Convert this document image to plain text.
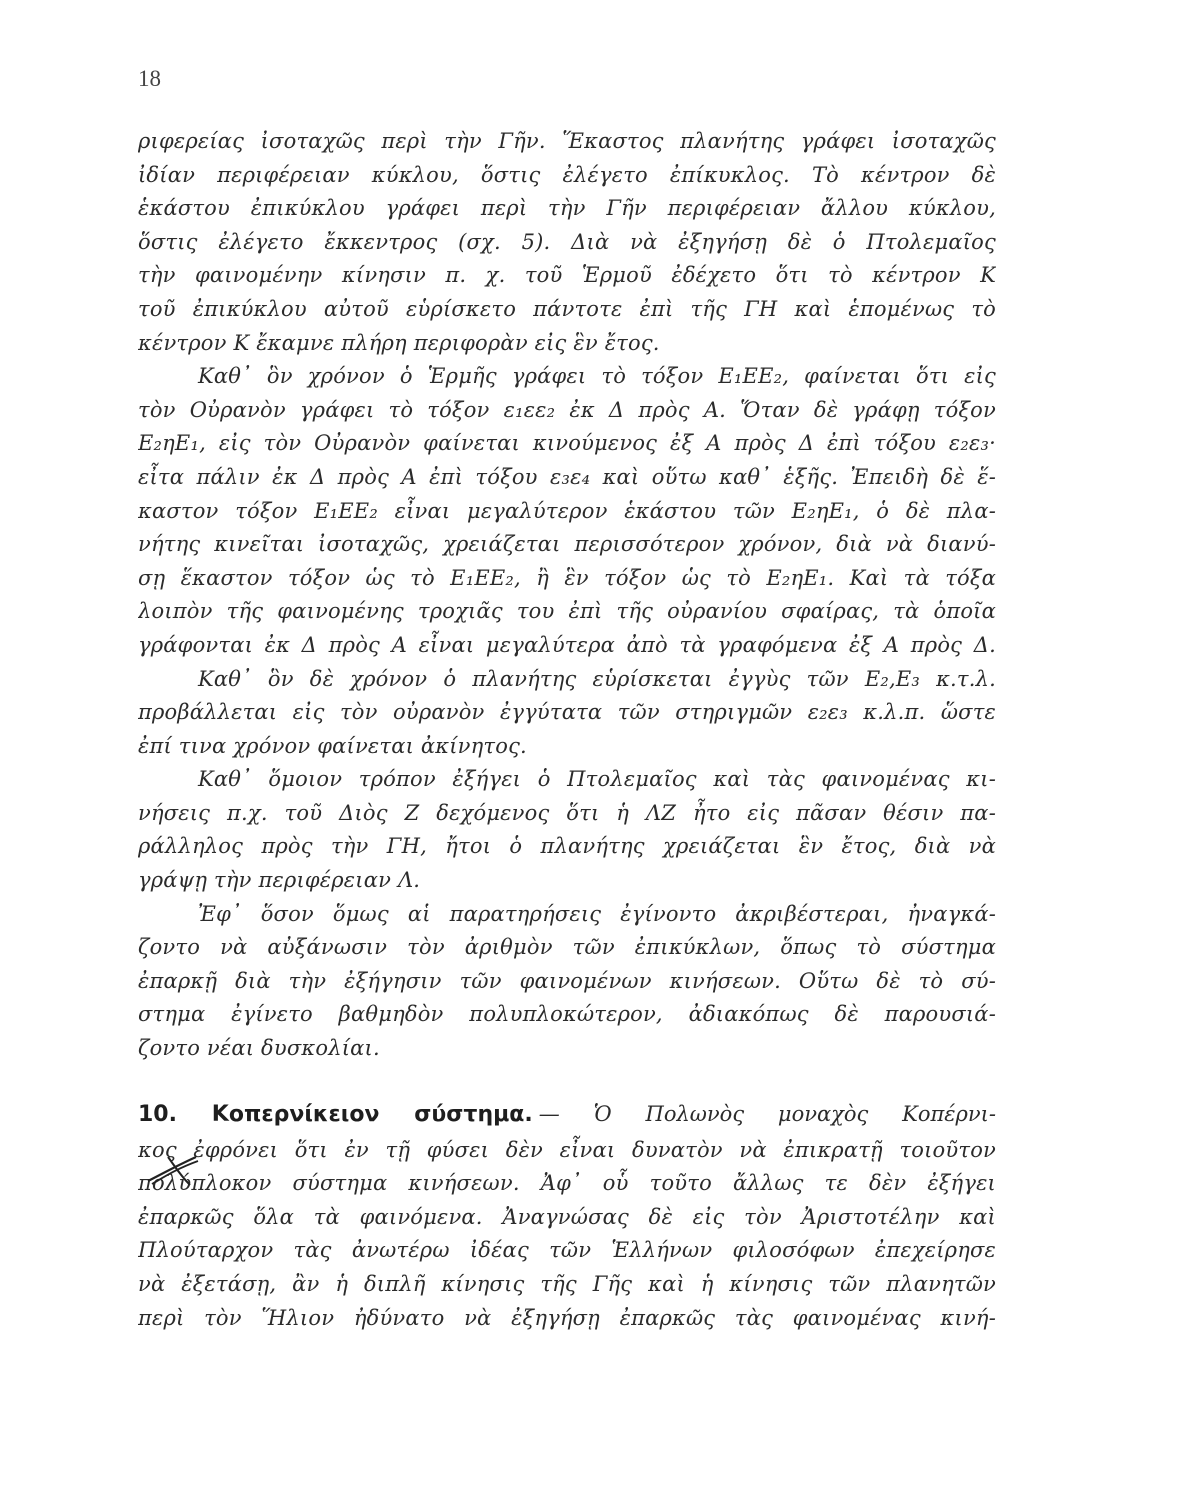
18
ριφερείας ἰσοταχῶς περὶ τὴν Γῆν. Ἕκαστος πλανήτης γράφει ἰσοταχῶς
ἰδίαν περιφέρειαν κύκλου, ὅστις ἐλέγετο ἐπίκυκλος. Τὸ κέντρον δὲ
ἑκάστου ἐπικύκλου γράφει περὶ τὴν Γῆν περιφέρειαν ἄλλου κύκλου,
ὅστις ἐλέγετο ἔκκεντρος (σχ. 5). Διὰ νὰ ἐξηγήσῃ δὲ ὁ Πτολεμαῖος
τὴν φαινομένην κίνησιν π. χ. τοῦ Ἑρμοῦ ἐδέχετο ὅτι τὸ κέντρον Κ
τοῦ ἐπικύκλου αὐτοῦ εὑρίσκετο πάντοτε ἐπὶ τῆς ΓΗ καὶ ἑπομένως τὸ
κέντρον Κ ἔκαμνε πλήρη περιφορὰν εἰς ἓν ἔτος.
Καθ᾽ ὃν χρόνον ὁ Ἑρμῆς γράφει τὸ τόξον Ε₁ΕΕ₂, φαίνεται ὅτι εἰς
τὸν Οὐρανὸν γράφει τὸ τόξον ε₁εε₂ ἐκ Δ πρὸς Α. Ὅταν δὲ γράφῃ τόξον
Ε₂ηΕ₁, εἰς τὸν Οὐρανὸν φαίνεται κινούμενος ἐξ Α πρὸς Δ ἐπὶ τόξου ε₂ε₃·
εἶτα πάλιν ἐκ Δ πρὸς Α ἐπὶ τόξου ε₃ε₄ καὶ οὕτω καθ᾽ ἑξῆς. Ἐπειδὴ δὲ ἕ-
καστον τόξον Ε₁ΕΕ₂ εἶναι μεγαλύτερον ἑκάστου τῶν Ε₂ηΕ₁, ὁ δὲ πλα-
νήτης κινεῖται ἰσοταχῶς, χρειάζεται περισσότερον χρόνον, διὰ νὰ διανύ-
σῃ ἕκαστον τόξον ὡς τὸ Ε₁ΕΕ₂, ἢ ἓν τόξον ὡς τὸ Ε₂ηΕ₁. Καὶ τὰ τόξα
λοιπὸν τῆς φαινομένης τροχιᾶς του ἐπὶ τῆς οὐρανίου σφαίρας, τὰ ὁποῖα
γράφονται ἐκ Δ πρὸς Α εἶναι μεγαλύτερα ἀπὸ τὰ γραφόμενα ἐξ Α πρὸς Δ.
Καθ᾽ ὃν δὲ χρόνον ὁ πλανήτης εὑρίσκεται ἐγγὺς τῶν Ε₂,Ε₃ κ.τ.λ.
προβάλλεται εἰς τὸν οὐρανὸν ἐγγύτατα τῶν στηριγμῶν ε₂ε₃ κ.λ.π. ὥστε
ἐπί τινα χρόνον φαίνεται ἀκίνητος.
Καθ᾽ ὅμοιον τρόπον ἐξήγει ὁ Πτολεμαῖος καὶ τὰς φαινομένας κι-
νήσεις π.χ. τοῦ Διὸς Ζ δεχόμενος ὅτι ἡ ΛΖ ἦτο εἰς πᾶσαν θέσιν πα-
ράλληλος πρὸς τὴν ΓΗ, ἤτοι ὁ πλανήτης χρειάζεται ἓν ἔτος, διὰ νὰ
γράψῃ τὴν περιφέρειαν Λ.
Ἐφ᾽ ὅσον ὅμως αἱ παρατηρήσεις ἐγίνοντο ἀκριβέστεραι, ἠναγκά-
ζοντο νὰ αὐξάνωσιν τὸν ἀριθμὸν τῶν ἐπικύκλων, ὅπως τὸ σύστημα
ἐπαρκῇ διὰ τὴν ἐξήγησιν τῶν φαινομένων κινήσεων. Οὕτω δὲ τὸ σύ-
στημα ἐγίνετο βαθμηδὸν πολυπλοκώτερον, ἀδιακόπως δὲ παρουσιά-
ζοντο νέαι δυσκολίαι.
10. Κοπερνίκειον σύστημα. — Ὁ Πολωνὸς μοναχὸς Κοπέρνι-
κος ἐφρόνει ὅτι ἐν τῇ φύσει δὲν εἶναι δυνατὸν νὰ ἐπικρατῇ τοιοῦτον
πολύπλοκον σύστημα κινήσεων. Ἀφ᾽ οὗ τοῦτο ἄλλως τε δὲν ἐξήγει
ἐπαρκῶς ὅλα τὰ φαινόμενα. Ἀναγνώσας δὲ εἰς τὸν Ἀριστοτέλην καὶ
Πλούταρχον τὰς ἀνωτέρω ἰδέας τῶν Ἑλλήνων φιλοσόφων ἐπεχείρησε
νὰ ἐξετάσῃ, ἂν ἡ διπλῆ κίνησις τῆς Γῆς καὶ ἡ κίνησις τῶν πλανητῶν
περὶ τὸν Ἥλιον ἠδύνατο νὰ ἐξηγήσῃ ἐπαρκῶς τὰς φαινομένας κινή-
